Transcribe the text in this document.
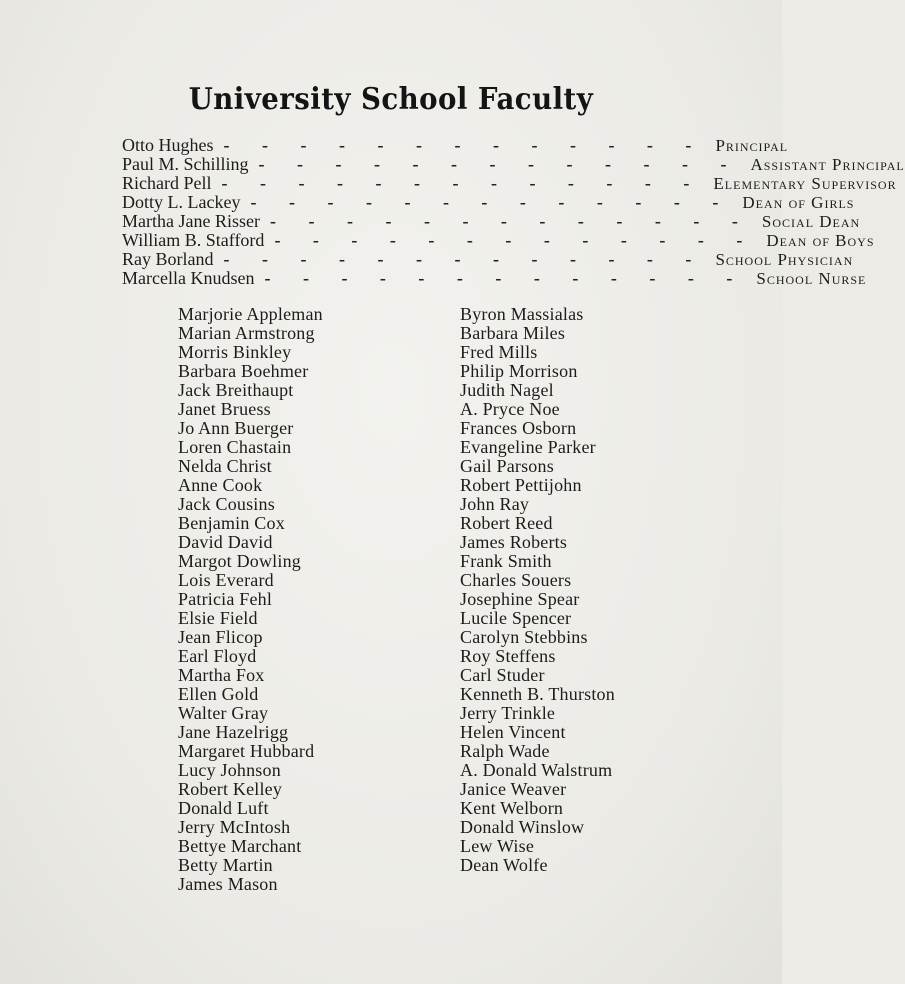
University School Faculty
Otto Hughes - - - - - - - - - - - - - Principal
Paul M. Schilling - - - - - - - - - - - - - Assistant Principal
Richard Pell - - - - - - - - - - - - - Elementary Supervisor
Dotty L. Lackey - - - - - - - - - - - - - Dean of Girls
Martha Jane Risser - - - - - - - - - - - - - Social Dean
William B. Stafford - - - - - - - - - - - - - Dean of Boys
Ray Borland - - - - - - - - - - - - - School Physician
Marcella Knudsen - - - - - - - - - - - - - School Nurse
Marjorie Appleman
Marian Armstrong
Morris Binkley
Barbara Boehmer
Jack Breithaupt
Janet Bruess
Jo Ann Buerger
Loren Chastain
Nelda Christ
Anne Cook
Jack Cousins
Benjamin Cox
David David
Margot Dowling
Lois Everard
Patricia Fehl
Elsie Field
Jean Flicop
Earl Floyd
Martha Fox
Ellen Gold
Walter Gray
Jane Hazelrigg
Margaret Hubbard
Lucy Johnson
Robert Kelley
Donald Luft
Jerry McIntosh
Bettye Marchant
Betty Martin
James Mason
Byron Massialas
Barbara Miles
Fred Mills
Philip Morrison
Judith Nagel
A. Pryce Noe
Frances Osborn
Evangeline Parker
Gail Parsons
Robert Pettijohn
John Ray
Robert Reed
James Roberts
Frank Smith
Charles Souers
Josephine Spear
Lucile Spencer
Carolyn Stebbins
Roy Steffens
Carl Studer
Kenneth B. Thurston
Jerry Trinkle
Helen Vincent
Ralph Wade
A. Donald Walstrum
Janice Weaver
Kent Welborn
Donald Winslow
Lew Wise
Dean Wolfe
